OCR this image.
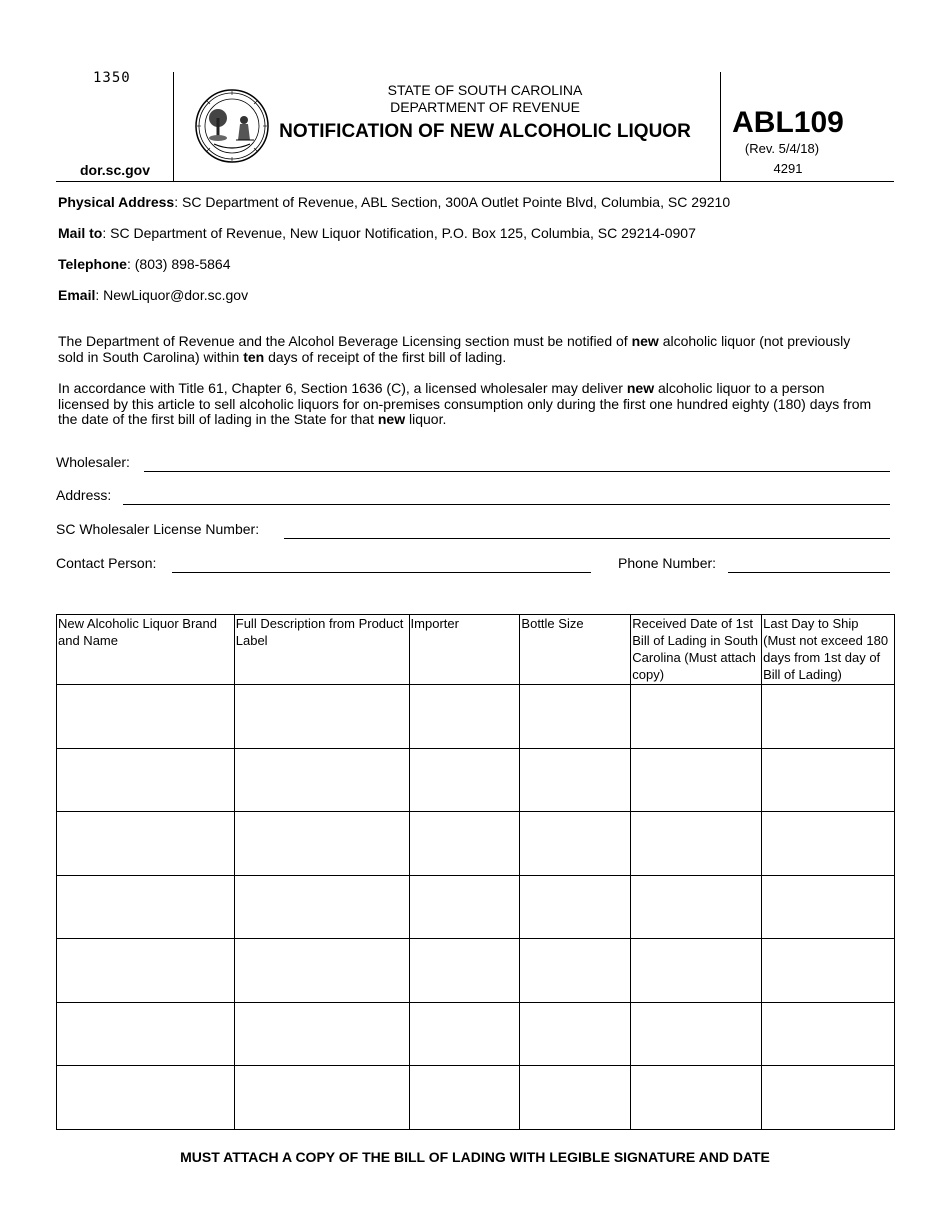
1350
dor.sc.gov
STATE OF SOUTH CAROLINA
DEPARTMENT OF REVENUE
NOTIFICATION OF NEW ALCOHOLIC LIQUOR ABL109
(Rev. 5/4/18)
4291
Physical Address: SC Department of Revenue, ABL Section, 300A Outlet Pointe Blvd, Columbia, SC 29210
Mail to: SC Department of Revenue, New Liquor Notification, P.O. Box 125, Columbia, SC 29214-0907
Telephone: (803) 898-5864
Email: NewLiquor@dor.sc.gov
The Department of Revenue and the Alcohol Beverage Licensing section must be notified of new alcoholic liquor (not previously sold in South Carolina) within ten days of receipt of the first bill of lading.
In accordance with Title 61, Chapter 6, Section 1636 (C), a licensed wholesaler may deliver new alcoholic liquor to a person licensed by this article to sell alcoholic liquors for on-premises consumption only during the first one hundred eighty (180) days from the date of the first bill of lading in the State for that new liquor.
Wholesaler:
Address:
SC Wholesaler License Number:
Contact Person:	Phone Number:
New Alcoholic Liquor Brand and Name	Full Description from Product Label	Importer	Bottle Size	Received Date of 1st Bill of Lading in South Carolina (Must attach copy)	Last Day to Ship (Must not exceed 180 days from 1st day of Bill of Lading)

MUST ATTACH A COPY OF THE BILL OF LADING WITH LEGIBLE SIGNATURE AND DATE
